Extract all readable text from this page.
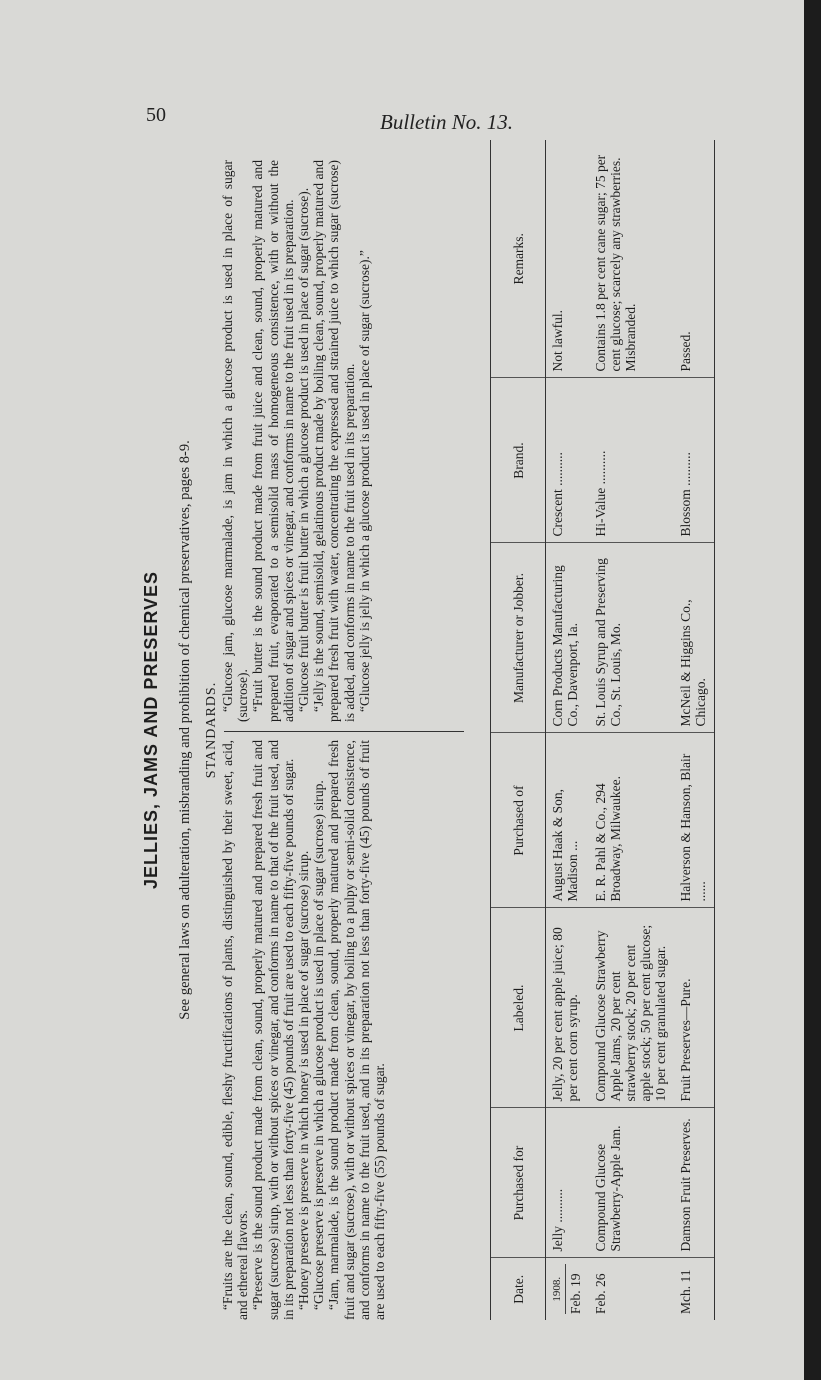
50	Bulletin No. 13.
JELLIES, JAMS AND PRESERVES See general laws on adulteration, misbranding and prohibition of chemical preservatives, pages 8-9. STANDARDS.

“Fruits are the clean, sound, edible, fleshy fructifications of plants, distinguished by their sweet, acid, and ethereal flavors. “Preserve is the sound product made from clean, sound, properly matured and prepared fresh fruit and sugar (sucrose) sirup, with or without spices or vinegar, and conforms in name to that of the fruit used, and in its preparation not less than forty-five (45) pounds of fruit are used to each fifty-five pounds of sugar. “Honey preserve is preserve in which honey is used in place of sugar (sucrose) sirup. “Glucose preserve is preserve in which a glucose product is used in place of sugar (sucrose) sirup. “Jam, marmalade, is the sound product made from clean, sound, properly matured and prepared fresh fruit and sugar (sucrose), with or without spices or vinegar, by boiling to a pulpy or semi-solid consistence, and conforms in name to the fruit used, and in its preparation not less than forty-five (45) pounds of fruit are used to each fifty-five (55) pounds of sugar.

“Glucose jam, glucose marmalade, is jam in which a glucose product is used in place of sugar (sucrose). “Fruit butter is the sound product made from fruit juice and clean, sound, properly matured and prepared fruit, evaporated to a semisolid mass of homogeneous consistence, with or without the addition of sugar and spices or vinegar, and conforms in name to the fruit used in its preparation. “Glucose fruit butter is fruit butter in which a glucose product is used in place of sugar (sucrose). “Jelly is the sound, semisolid, gelatinous product made by boiling clean, sound, properly matured and prepared fresh fruit with water, concentrating the expressed and strained juice to which sugar (sucrose) is added, and conforms in name to the fruit used in its preparation. “Glucose jelly is jelly in which a glucose product is used in place of sugar (sucrose).”

Date.	Purchased for	Labeled.	Purchased of	Manufacturer or Jobber.	Brand.	Remarks.

1908. Feb. 19	Jelly ..........	Jelly, 20 per cent apple juice; 80 per cent corn syrup.	August Haak & Son, Madison ...	Corn Products Manufacturing Co., Davenport, Ia.	Crescent ..........	Not lawful.
Feb. 26	Compound Glucose Strawberry-Apple Jam.	Compound Glucose Strawberry Apple Jams, 20 per cent strawberry stock; 20 per cent apple stock; 50 per cent glucose; 10 per cent granulated sugar.	E. R. Pahl & Co., 294 Broadway, Milwaukee.	St. Louis Syrup and Preserving Co., St. Louis, Mo.	Hi-Value ..........	Contains 1.8 per cent cane sugar; 75 per cent glucose; scarcely any strawberries. Misbranded.
Mch. 11	Damson Fruit Preserves.	Fruit Preserves—Pure.	Halverson & Hanson, Blair ......	McNeil & Higgins Co., Chicago.	Blossom ..........	Passed.
